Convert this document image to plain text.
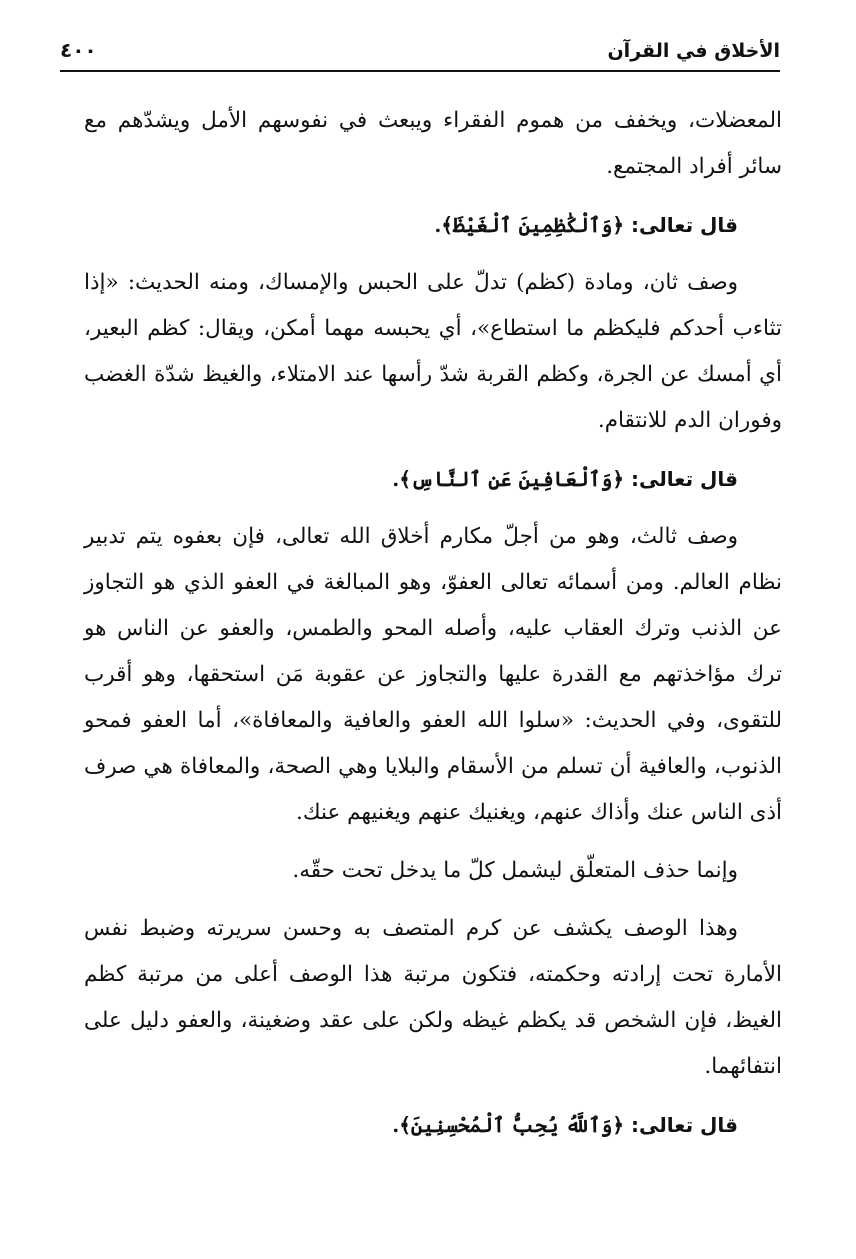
الأخلاق في القرآن
٤٠٠

المعضلات، ويخفف من هموم الفقراء ويبعث في نفوسهم الأمل ويشدّهم مع سائر أفراد المجتمع.

قال تعالى: ﴿وَٱلْكَٰظِمِينَ ٱلْغَيْظَ﴾.

وصف ثان، ومادة (كظم) تدلّ على الحبس والإمساك، ومنه الحديث: «إذا تثاءب أحدكم فليكظم ما استطاع»، أي يحبسه مهما أمكن، ويقال: كظم البعير، أي أمسك عن الجرة، وكظم القربة شدّ رأسها عند الامتلاء، والغيظ شدّة الغضب وفوران الدم للانتقام.

قال تعالى: ﴿وَٱلْعَافِينَ عَنِ ٱلنَّاسِ﴾.

وصف ثالث، وهو من أجلّ مكارم أخلاق الله تعالى، فإن بعفوه يتم تدبير نظام العالم. ومن أسمائه تعالى العفوّ، وهو المبالغة في العفو الذي هو التجاوز عن الذنب وترك العقاب عليه، وأصله المحو والطمس، والعفو عن الناس هو ترك مؤاخذتهم مع القدرة عليها والتجاوز عن عقوبة مَن استحقها، وهو أقرب للتقوى، وفي الحديث: «سلوا الله العفو والعافية والمعافاة»، أما العفو فمحو الذنوب، والعافية أن تسلم من الأسقام والبلايا وهي الصحة، والمعافاة هي صرف أذى الناس عنك وأذاك عنهم، ويغنيك عنهم ويغنيهم عنك.

وإنما حذف المتعلّق ليشمل كلّ ما يدخل تحت حقّه.

وهذا الوصف يكشف عن كرم المتصف به وحسن سريرته وضبط نفس الأمارة تحت إرادته وحكمته، فتكون مرتبة هذا الوصف أعلى من مرتبة كظم الغيظ، فإن الشخص قد يكظم غيظه ولكن على عقد وضغينة، والعفو دليل على انتفائهما.

قال تعالى: ﴿وَٱللَّهُ يُحِبُّ ٱلْمُحْسِنِينَ﴾.
